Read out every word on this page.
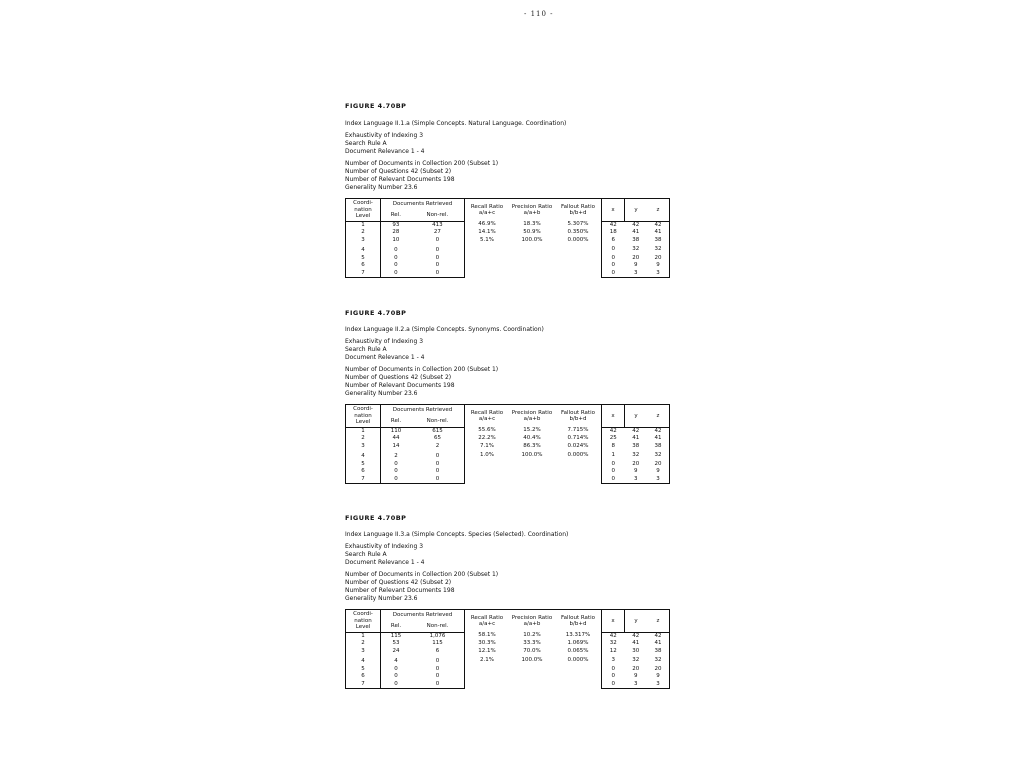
- 110 -
FIGURE 4.70BP
Index Language II.1.a (Simple Concepts. Natural Language. Coordination)
Exhaustivity of Indexing 3
Search Rule A
Document Relevance 1 - 4
Number of Documents in Collection 200 (Subset 1)
Number of Questions 42 (Subset 2)
Number of Relevant Documents 198
Generality Number 23.6
Coordi-nation Level	Documents Retrieved		Recall Ratio a/a+c	Precision Ratio a/a+b	Fallout Ratio b/b+d	x	y	z
	Rel.	Non-rel.						
1	93	413	46.9%	18.3%	5.307%	42	42	42
2	28	27	14.1%	50.9%	0.350%	18	41	41
3	10	0	5.1%	100.0%	0.000%	6	38	38
4	0	0				0	32	32
5	0	0				0	20	20
6	0	0				0	9	9
7	0	0				0	3	3
FIGURE 4.70BP
Index Language II.2.a (Simple Concepts. Synonyms. Coordination)
Exhaustivity of Indexing 3
Search Rule A
Document Relevance 1 - 4
Number of Documents in Collection 200 (Subset 1)
Number of Questions 42 (Subset 2)
Number of Relevant Documents 198
Generality Number 23.6
Coordi-nation Level	Documents Retrieved		Recall Ratio a/a+c	Precision Ratio a/a+b	Fallout Ratio b/b+d	x	y	z
	Rel.	Non-rel.						
1	110	615	55.6%	15.2%	7.715%	42	42	42
2	44	65	22.2%	40.4%	0.714%	25	41	41
3	14	2	7.1%	86.3%	0.024%	8	38	38
4	2	0	1.0%	100.0%	0.000%	1	32	32
5	0	0				0	20	20
6	0	0				0	9	9
7	0	0				0	3	3
FIGURE 4.70BP
Index Language II.3.a (Simple Concepts. Species (Selected). Coordination)
Exhaustivity of Indexing 3
Search Rule A
Document Relevance 1 - 4
Number of Documents in Collection 200 (Subset 1)
Number of Questions 42 (Subset 2)
Number of Relevant Documents 198
Generality Number 23.6
Coordi-nation Level	Documents Retrieved		Recall Ratio a/a+c	Precision Ratio a/a+b	Fallout Ratio b/b+d	x	y	z
	Rel.	Non-rel.						
1	115	1,076	58.1%	10.2%	13.317%	42	42	42
2	53	115	30.3%	33.3%	1.069%	32	41	41
3	24	6	12.1%	70.0%	0.065%	12	30	38
4	4	0	2.1%	100.0%	0.000%	3	32	32
5	0	0				0	20	20
6	0	0				0	9	9
7	0	0				0	3	3
